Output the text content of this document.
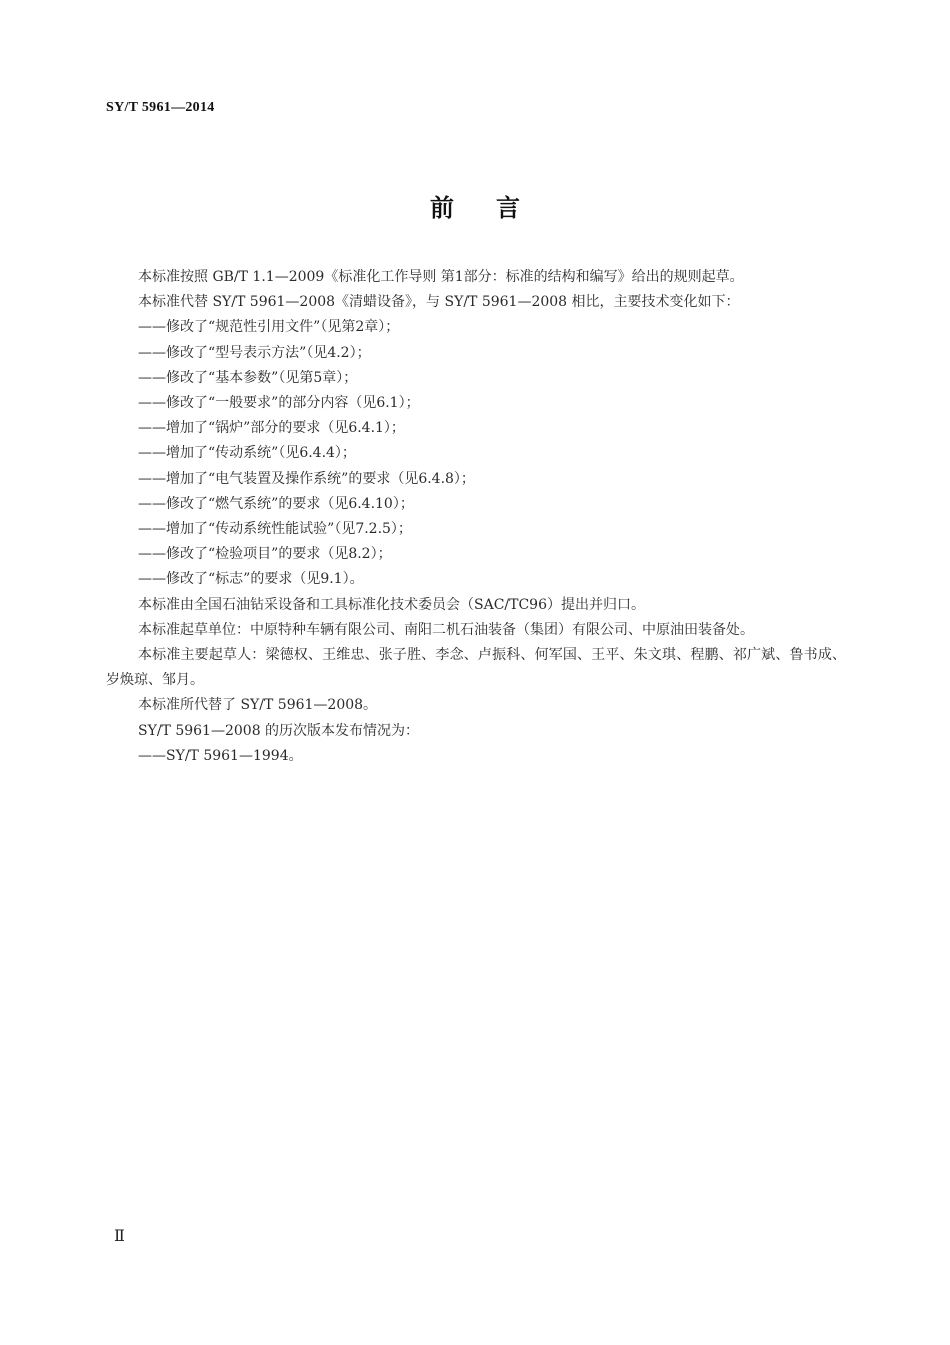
SY/T 5961—2014
前言

本标准按照 GB/T 1.1—2009《标准化工作导则 第1部分：标准的结构和编写》给出的规则起草。

本标准代替 SY/T 5961—2008《清蜡设备》，与 SY/T 5961—2008 相比，主要技术变化如下：

——修改了“规范性引用文件”（见第2章）；

——修改了“型号表示方法”（见4.2）；

——修改了“基本参数”（见第5章）；

——修改了“一般要求”的部分内容（见6.1）；

——增加了“锅炉”部分的要求（见6.4.1）；

——增加了“传动系统”（见6.4.4）；

——增加了“电气装置及操作系统”的要求（见6.4.8）；

——修改了“燃气系统”的要求（见6.4.10）；

——增加了“传动系统性能试验”（见7.2.5）；

——修改了“检验项目”的要求（见8.2）；

——修改了“标志”的要求（见9.1）。

本标准由全国石油钻采设备和工具标准化技术委员会（SAC/TC96）提出并归口。

本标准起草单位：中原特种车辆有限公司、南阳二机石油装备（集团）有限公司、中原油田装备处。

本标准主要起草人：梁德权、王维忠、张子胜、李念、卢振科、何军国、王平、朱文琪、程鹏、祁广斌、鲁书成、岁焕琼、邹月。

本标准所代替了 SY/T 5961—2008。

SY/T 5961—2008 的历次版本发布情况为：

——SY/T 5961—1994。

Ⅱ
